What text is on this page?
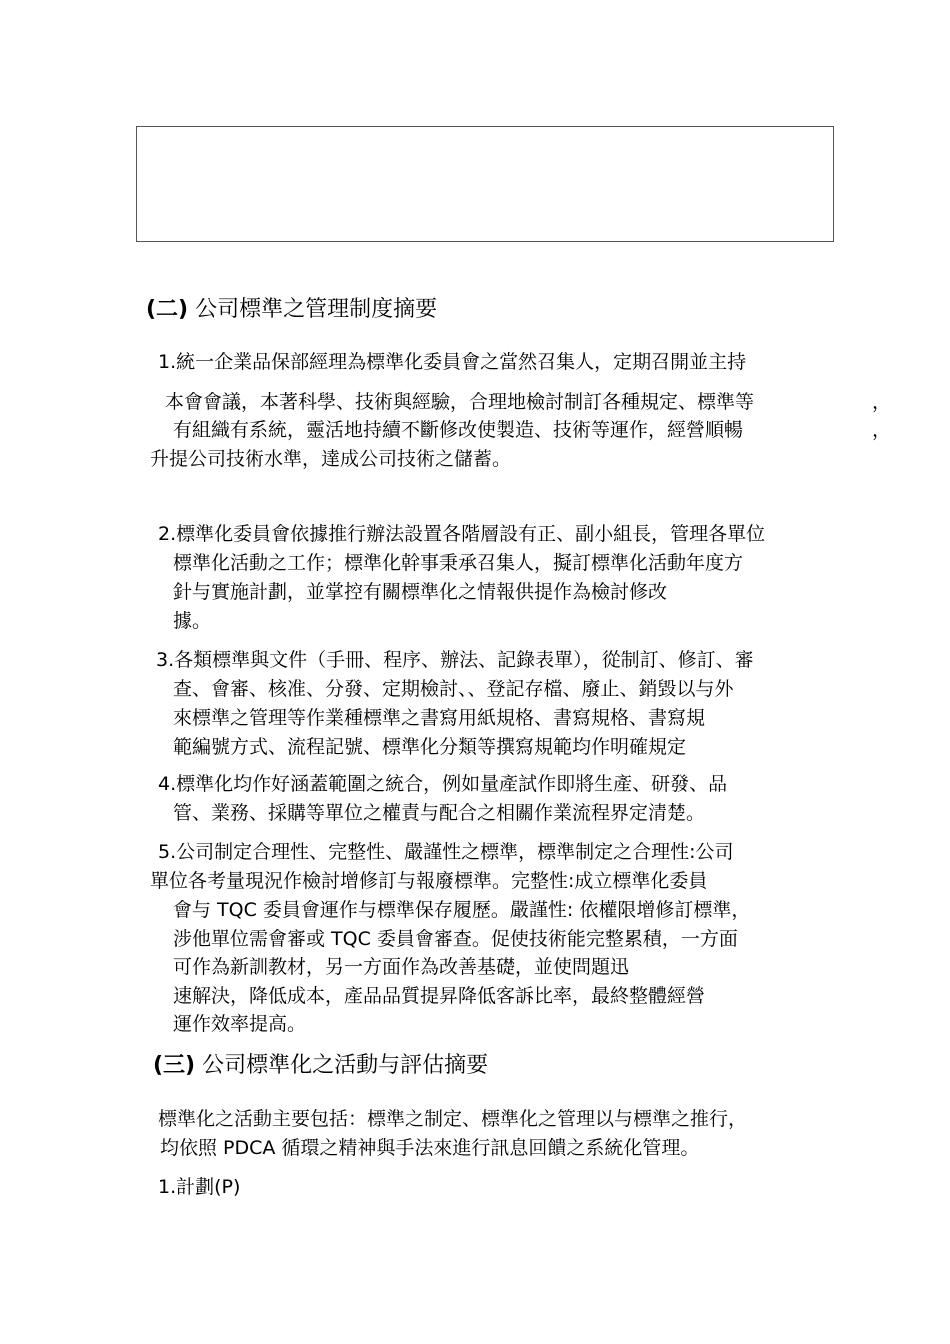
(二) 公司標準之管理制度摘要
1.統一企業品保部經理為標準化委員會之當然召集人，定期召開並主持
本會會議，本著科學、技術與經驗，合理地檢討制訂各種規定、標準等	，
有組織有系統，靈活地持續不斷修改使製造、技術等運作，經營順暢	，
升提公司技術水準，達成公司技術之儲蓄。
2.標準化委員會依據推行辦法設置各階層設有正、副小組長，管理各單位
標準化活動之工作；標準化幹事秉承召集人，擬訂標準化活動年度方
針与實施計劃，並掌控有關標準化之情報供提作為檢討修改
據。
3.各類標準與文件（手冊、程序、辦法、記錄表單），從制訂、修訂、審
查、會審、核准、分發、定期檢討、、登記存檔、廢止、銷毀以与外
來標準之管理等作業種標準之書寫用紙規格、書寫規格、書寫規
範編號方式、流程記號、標準化分類等撰寫規範均作明確規定
4.標準化均作好涵蓋範圍之統合，例如量產試作即將生產、研發、品
管、業務、採購等單位之權責与配合之相關作業流程界定清楚。
5.公司制定合理性、完整性、嚴謹性之標準，標準制定之合理性:公司
單位各考量現況作檢討增修訂与報廢標準。完整性:成立標準化委員
會与 TQC 委員會運作与標準保存履歷。嚴謹性: 依權限增修訂標準，
涉他單位需會審或 TQC 委員會審查。促使技術能完整累積，一方面
可作為新訓教材，另一方面作為改善基礎，並使問題迅
速解決，降低成本，產品品質提昇降低客訴比率，最終整體經營
運作效率提高。
(三) 公司標準化之活動与評估摘要
標準化之活動主要包括：標準之制定、標準化之管理以与標準之推行，
均依照 PDCA 循環之精神與手法來進行訊息回饋之系統化管理。
1.計劃(P)
